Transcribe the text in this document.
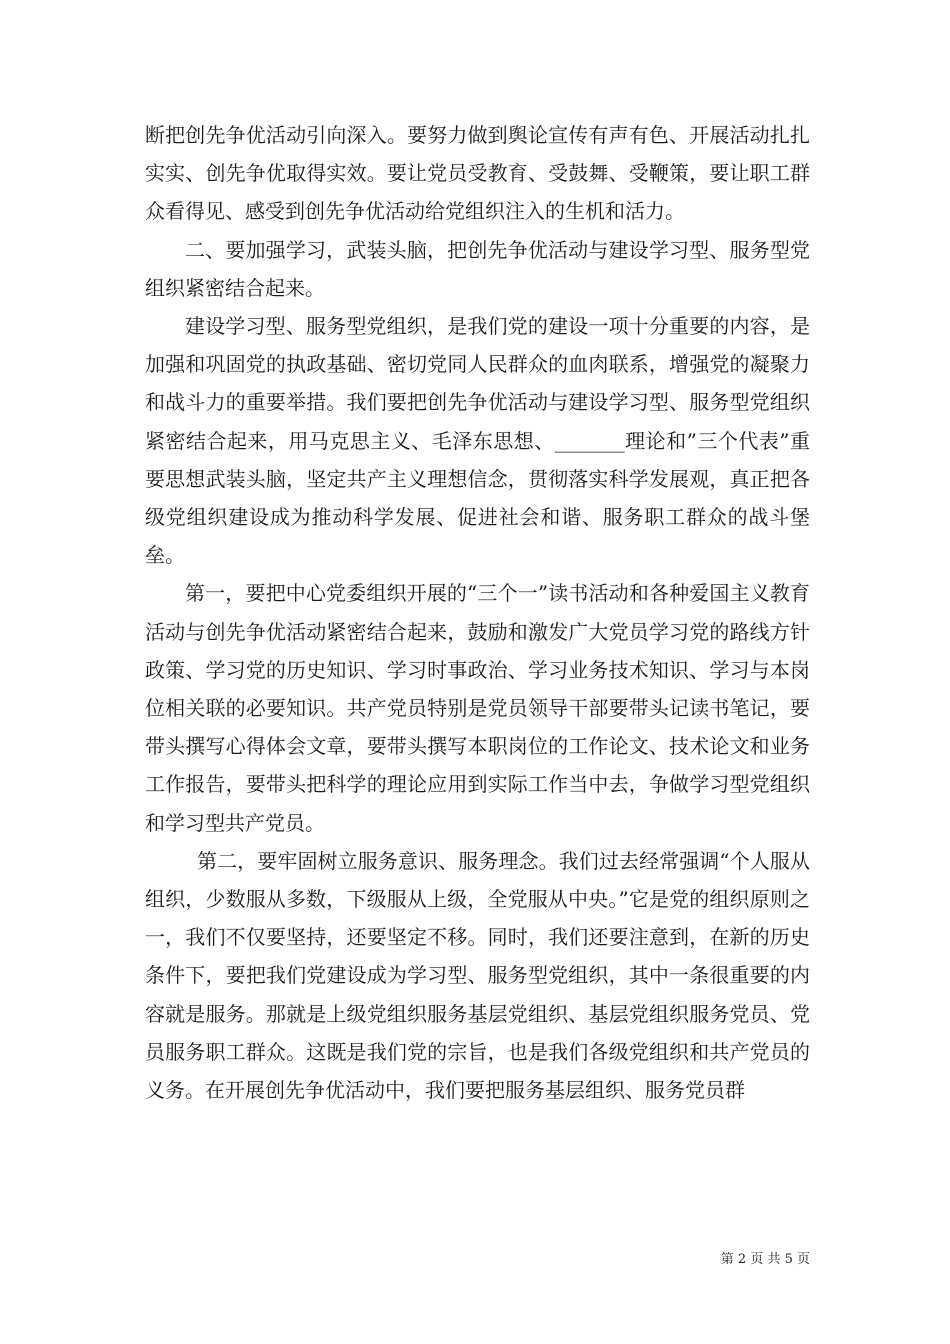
断把创先争优活动引向深入。要努力做到舆论宣传有声有色、开展活动扎扎实实、创先争优取得实效。要让党员受教育、受鼓舞、受鞭策，要让职工群众看得见、感受到创先争优活动给党组织注入的生机和活力。

二、要加强学习，武装头脑，把创先争优活动与建设学习型、服务型党组织紧密结合起来。

建设学习型、服务型党组织，是我们党的建设一项十分重要的内容，是加强和巩固党的执政基础、密切党同人民群众的血肉联系，增强党的凝聚力和战斗力的重要举措。我们要把创先争优活动与建设学习型、服务型党组织紧密结合起来，用马克思主义、毛泽东思想、_______理论和”三个代表”重要思想武装头脑，坚定共产主义理想信念，贯彻落实科学发展观，真正把各级党组织建设成为推动科学发展、促进社会和谐、服务职工群众的战斗堡垒。

第一，要把中心党委组织开展的“三个一”读书活动和各种爱国主义教育活动与创先争优活动紧密结合起来，鼓励和激发广大党员学习党的路线方针政策、学习党的历史知识、学习时事政治、学习业务技术知识、学习与本岗位相关联的必要知识。共产党员特别是党员领导干部要带头记读书笔记，要带头撰写心得体会文章，要带头撰写本职岗位的工作论文、技术论文和业务工作报告，要带头把科学的理论应用到实际工作当中去，争做学习型党组织和学习型共产党员。

第二，要牢固树立服务意识、服务理念。我们过去经常强调“个人服从组织，少数服从多数，下级服从上级，全党服从中央。”它是党的组织原则之一，我们不仅要坚持，还要坚定不移。同时，我们还要注意到，在新的历史条件下，要把我们党建设成为学习型、服务型党组织，其中一条很重要的内容就是服务。那就是上级党组织服务基层党组织、基层党组织服务党员、党员服务职工群众。这既是我们党的宗旨，也是我们各级党组织和共产党员的义务。在开展创先争优活动中，我们要把服务基层组织、服务党员群

第 2 页 共 5 页
